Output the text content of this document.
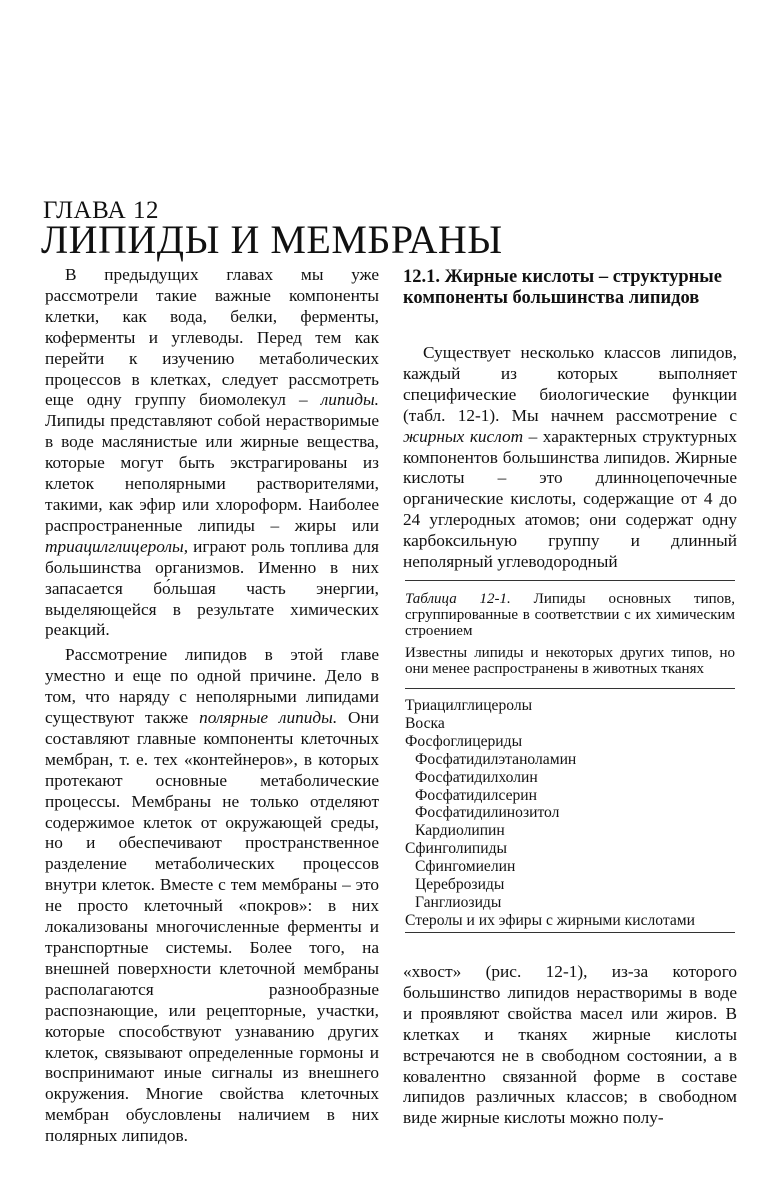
ГЛАВА 12
ЛИПИДЫ И МЕМБРАНЫ

В предыдущих главах мы уже рассмотрели такие важные компоненты клетки, как вода, белки, ферменты, коферменты и углеводы. Перед тем как перейти к изучению метаболических процессов в клетках, следует рассмотреть еще одну группу биомолекул – липиды. Липиды представляют собой нерастворимые в воде маслянистые или жирные вещества, которые могут быть экстрагированы из клеток неполярными растворителями, такими, как эфир или хлороформ. Наиболее распространенные липиды – жиры или триацилглицеролы, играют роль топлива для большинства организмов. Именно в них запасается бо́льшая часть энергии, выделяющейся в результате химических реакций.

Рассмотрение липидов в этой главе уместно и еще по одной причине. Дело в том, что наряду с неполярными липидами существуют также полярные липиды. Они составляют главные компоненты клеточных мембран, т. е. тех «контейнеров», в которых протекают основные метаболические процессы. Мембраны не только отделяют содержимое клеток от окружающей среды, но и обеспечивают пространственное разделение метаболических процессов внутри клеток. Вместе с тем мембраны – это не просто клеточный «покров»: в них локализованы многочисленные ферменты и транспортные системы. Более того, на внешней поверхности клеточной мембраны располагаются разнообразные распознающие, или рецепторные, участки, которые способствуют узнаванию других клеток, связывают определенные гормоны и воспринимают иные сигналы из внешнего окружения. Многие свойства клеточных мембран обусловлены наличием в них полярных липидов.

12.1. Жирные кислоты – структурные компоненты большинства липидов

Существует несколько классов липидов, каждый из которых выполняет специфические биологические функции (табл. 12-1). Мы начнем рассмотрение с жирных кислот – характерных структурных компонентов большинства липидов. Жирные кислоты – это длинноцепочечные органические кислоты, содержащие от 4 до 24 углеродных атомов; они содержат одну карбоксильную группу и длинный неполярный углеводородный

Таблица 12-1. Липиды основных типов, сгруппированные в соответствии с их химическим строением

Известны липиды и некоторых других типов, но они менее распространены в животных тканях

Триацилглицеролы
Воска
Фосфоглицериды
Фосфатидилэтаноламин
Фосфатидилхолин
Фосфатидилсерин
Фосфатидилинозитол
Кардиолипин
Сфинголипиды
Сфингомиелин
Цереброзиды
Ганглиозиды
Стеролы и их эфиры с жирными кислотами

«хвост» (рис. 12-1), из-за которого большинство липидов нерастворимы в воде и проявляют свойства масел или жиров. В клетках и тканях жирные кислоты встречаются не в свободном состоянии, а в ковалентно связанной форме в составе липидов различных классов; в свободном виде жирные кислоты можно полу-
